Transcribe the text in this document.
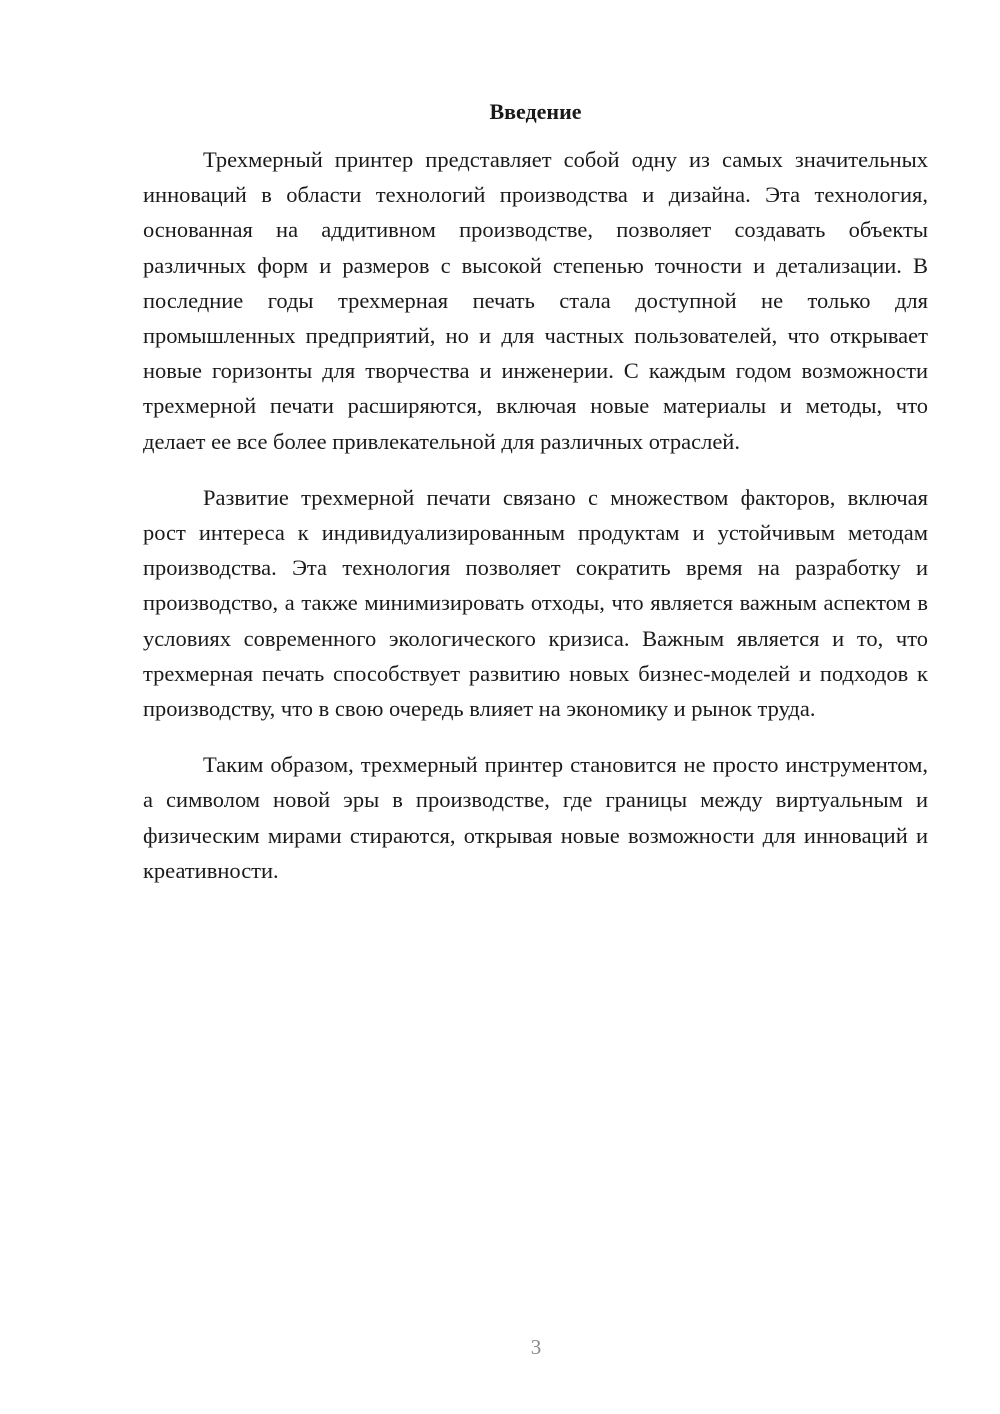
Введение

Трехмерный принтер представляет собой одну из самых значительных инноваций в области технологий производства и дизайна. Эта технология, основанная на аддитивном производстве, позволяет создавать объекты различных форм и размеров с высокой степенью точности и детализации. В последние годы трехмерная печать стала доступной не только для промышленных предприятий, но и для частных пользователей, что открывает новые горизонты для творчества и инженерии. С каждым годом возможности трехмерной печати расширяются, включая новые материалы и методы, что делает ее все более привлекательной для различных отраслей.

Развитие трехмерной печати связано с множеством факторов, включая рост интереса к индивидуализированным продуктам и устойчивым методам производства. Эта технология позволяет сократить время на разработку и производство, а также минимизировать отходы, что является важным аспектом в условиях современного экологического кризиса. Важным является и то, что трехмерная печать способствует развитию новых бизнес-моделей и подходов к производству, что в свою очередь влияет на экономику и рынок труда.

Таким образом, трехмерный принтер становится не просто инструментом, а символом новой эры в производстве, где границы между виртуальным и физическим мирами стираются, открывая новые возможности для инноваций и креативности.

3
